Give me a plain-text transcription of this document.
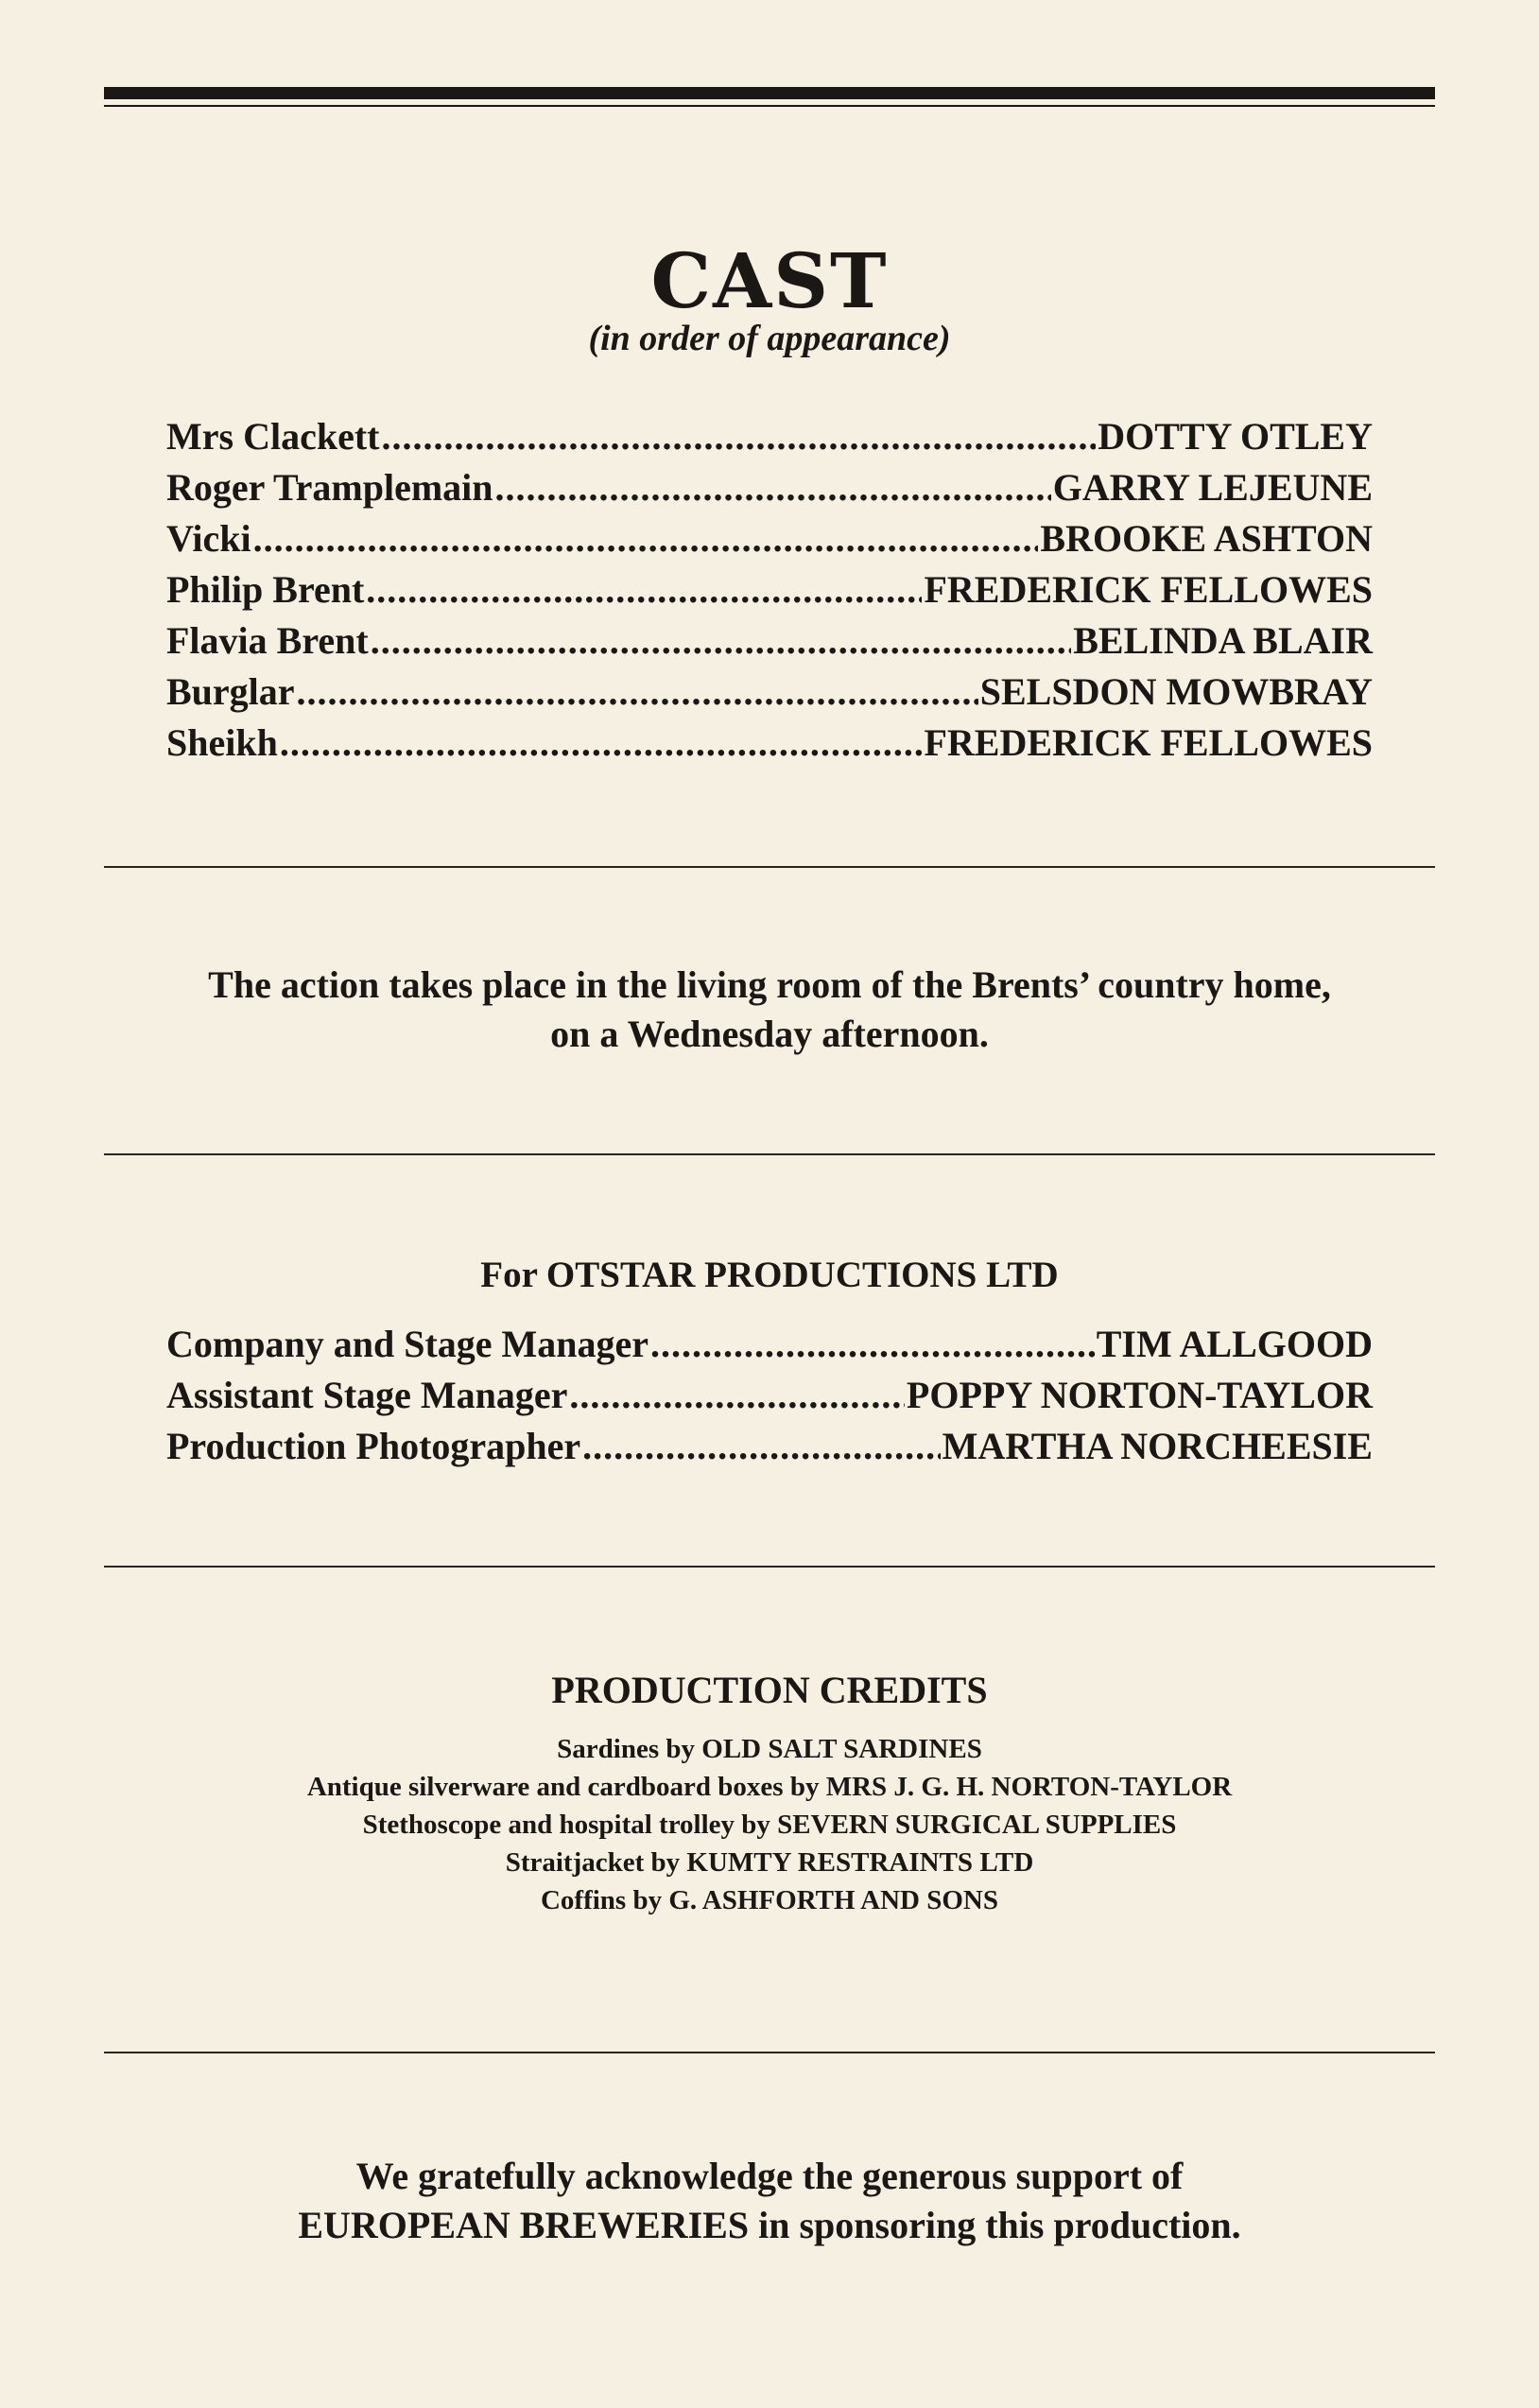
CAST
(in order of appearance)
Mrs Clackett .....	DOTTY OTLEY
Roger Tramplemain .....	GARRY LEJEUNE
Vicki .....	BROOKE ASHTON
Philip Brent .....	FREDERICK FELLOWES
Flavia Brent .....	BELINDA BLAIR
Burglar .....	SELSDON MOWBRAY
Sheikh .....	FREDERICK FELLOWES
The action takes place in the living room of the Brents’ country home,
on a Wednesday afternoon.
For OTSTAR PRODUCTIONS LTD
Company and Stage Manager .....	TIM ALLGOOD
Assistant Stage Manager .....	POPPY NORTON-TAYLOR
Production Photographer .....	MARTHA NORCHEESIE
PRODUCTION CREDITS
Sardines by OLD SALT SARDINES
Antique silverware and cardboard boxes by MRS J. G. H. NORTON-TAYLOR
Stethoscope and hospital trolley by SEVERN SURGICAL SUPPLIES
Straitjacket by KUMTY RESTRAINTS LTD
Coffins by G. ASHFORTH AND SONS
We gratefully acknowledge the generous support of
EUROPEAN BREWERIES in sponsoring this production.
